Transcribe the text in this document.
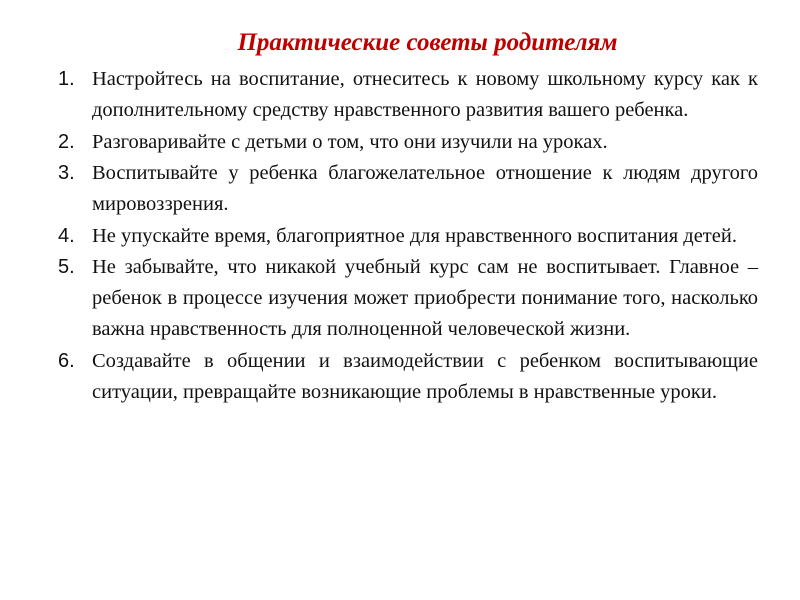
Практические советы родителям
1. Настройтесь на воспитание, отнеситесь к новому школьному курсу как к дополнительному средству нравственного развития вашего ребенка.
2. Разговаривайте с детьми о том, что они изучили на уроках.
3. Воспитывайте у ребенка благожелательное отношение к людям другого мировоззрения.
4. Не упускайте время, благоприятное для нравственного воспитания детей.
5. Не забывайте, что никакой учебный курс сам не воспитывает. Главное – ребенок в процессе изучения может приобрести понимание того, насколько важна нравственность для полноценной человеческой жизни.
6. Создавайте в общении и взаимодействии с ребенком воспитывающие ситуации, превращайте возникающие проблемы в нравственные уроки.
